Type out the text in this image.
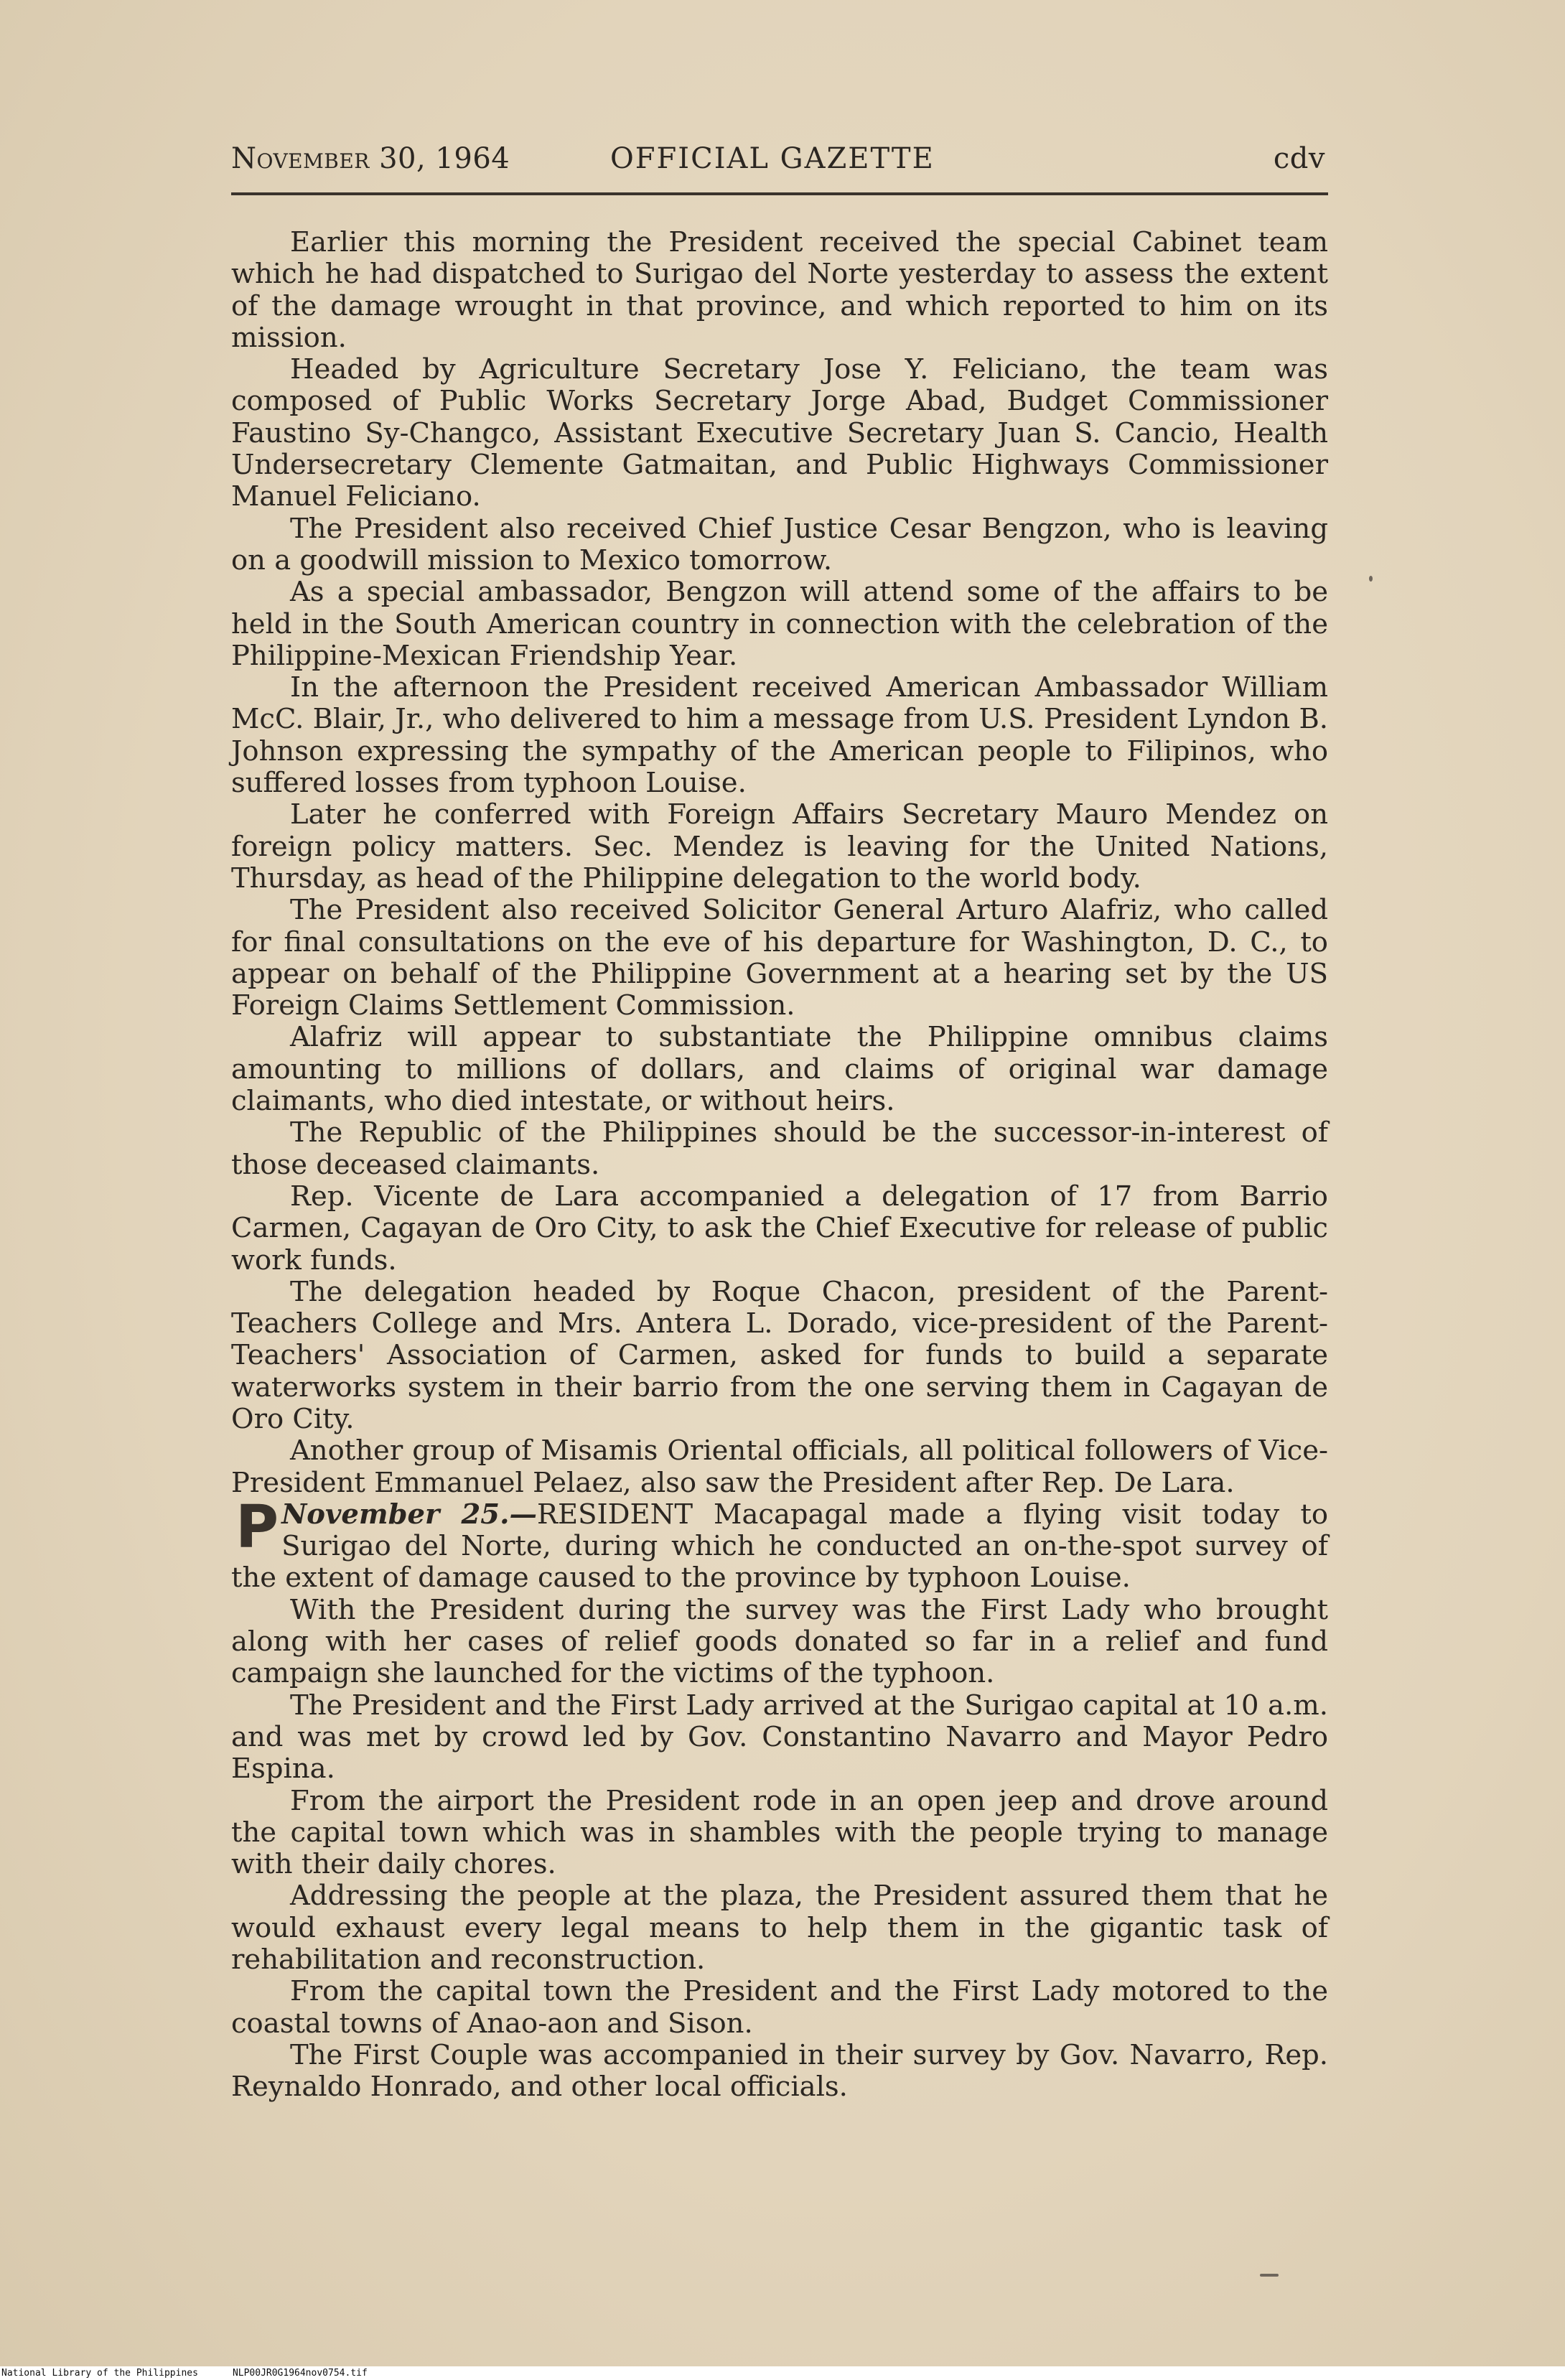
November 30, 1964	OFFICIAL GAZETTE	cdv

Earlier this morning the President received the special Cabinet team which he had dispatched to Surigao del Norte yesterday to assess the extent of the damage wrought in that province, and which reported to him on its mission.

Headed by Agriculture Secretary Jose Y. Feliciano, the team was composed of Public Works Secretary Jorge Abad, Budget Commissioner Faustino Sy-Changco, Assistant Executive Secretary Juan S. Cancio, Health Undersecretary Clemente Gatmaitan, and Public Highways Commissioner Manuel Feliciano.

The President also received Chief Justice Cesar Bengzon, who is leaving on a goodwill mission to Mexico tomorrow.

As a special ambassador, Bengzon will attend some of the affairs to be held in the South American country in connection with the celebration of the Philippine-Mexican Friendship Year.

In the afternoon the President received American Ambassador William McC. Blair, Jr., who delivered to him a message from U.S. President Lyndon B. Johnson expressing the sympathy of the American people to Filipinos, who suffered losses from typhoon Louise.

Later he conferred with Foreign Affairs Secretary Mauro Mendez on foreign policy matters. Sec. Mendez is leaving for the United Nations, Thursday, as head of the Philippine delegation to the world body.

The President also received Solicitor General Arturo Alafriz, who called for final consultations on the eve of his departure for Washington, D. C., to appear on behalf of the Philippine Government at a hearing set by the US Foreign Claims Settlement Commission.

Alafriz will appear to substantiate the Philippine omnibus claims amounting to millions of dollars, and claims of original war damage claimants, who died intestate, or without heirs.

The Republic of the Philippines should be the successor-in-interest of those deceased claimants.

Rep. Vicente de Lara accompanied a delegation of 17 from Barrio Carmen, Cagayan de Oro City, to ask the Chief Executive for release of public work funds.

The delegation headed by Roque Chacon, president of the Parent-Teachers College and Mrs. Antera L. Dorado, vice-president of the Parent-Teachers' Association of Carmen, asked for funds to build a separate waterworks system in their barrio from the one serving them in Cagayan de Oro City.

Another group of Misamis Oriental officials, all political followers of Vice-President Emmanuel Pelaez, also saw the President after Rep. De Lara.

November 25.—
P	RESIDENT Macapagal made a flying visit today to Surigao del Norte, during which he conducted an on-the-spot survey of the extent of damage caused to the province by typhoon Louise.

With the President during the survey was the First Lady who brought along with her cases of relief goods donated so far in a relief and fund campaign she launched for the victims of the typhoon.

The President and the First Lady arrived at the Surigao capital at 10 a.m. and was met by crowd led by Gov. Constantino Navarro and Mayor Pedro Espina.

From the airport the President rode in an open jeep and drove around the capital town which was in shambles with the people trying to manage with their daily chores.

Addressing the people at the plaza, the President assured them that he would exhaust every legal means to help them in the gigantic task of rehabilitation and reconstruction.

From the capital town the President and the First Lady motored to the coastal towns of Anao-aon and Sison.

The First Couple was accompanied in their survey by Gov. Navarro, Rep. Reynaldo Honrado, and other local officials.

National Library of the Philippines	NLP00JR0G1964nov0754.tif
